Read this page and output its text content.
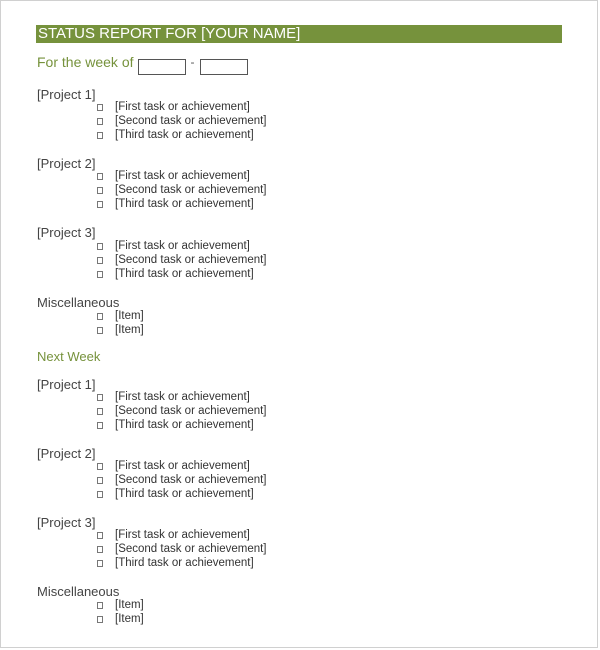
STATUS REPORT FOR [YOUR NAME]
For the week of	-
[Project 1]
[First task or achievement]
[Second task or achievement]
[Third task or achievement]
[Project 2]
[First task or achievement]
[Second task or achievement]
[Third task or achievement]
[Project 3]
[First task or achievement]
[Second task or achievement]
[Third task or achievement]
Miscellaneous
[Item]
[Item]
Next Week
[Project 1]
[First task or achievement]
[Second task or achievement]
[Third task or achievement]
[Project 2]
[First task or achievement]
[Second task or achievement]
[Third task or achievement]
[Project 3]
[First task or achievement]
[Second task or achievement]
[Third task or achievement]
Miscellaneous
[Item]
[Item]
